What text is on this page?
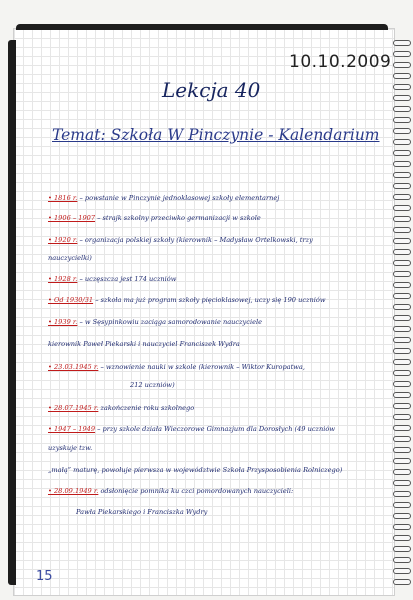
10.10.2009
Lekcja 40
Temat: Szkoła W Pinczynie - Kalendarium
• 1816 r. – powstanie w Pinczynie jednoklasowej szkoły elementarnej
• 1906 – 1907 – strajk szkolny przeciwko germanizacji w szkole
• 1920 r. – organizacja polskiej szkoły (kierownik – Madysław Ortelkowski, trzy
nauczycielki)
• 1928 r. – uczęszcza jest 174 uczniów
• Od 1930/31 – szkoła ma już program szkoły pięcioklasowej, uczy się 190 uczniów
• 1939 r. – w Sęsypinkowiu zaciąga samorodowanie nauczyciele
kierownik Paweł Piekarski i nauczyciel Franciszek Wydra
• 23.03.1945 r. – wznowienie nauki w szkole (kierownik – Wiktor Kuropatwa,
212 uczniów)
• 28.07.1945 r. zakończenie roku szkolnego
• 1947 – 1949 – przy szkole działa Wieczorowe Gimnazjum dla Dorosłych (49 uczniów
uzyskuje tzw.
„małą” maturę, powołuje pierwsza w województwie Szkoła Przysposobienia Rolniczego)
• 28.09.1949 r. odsłonięcie pomnika ku czci pomordowanych nauczycieli:
Pawła Piekarskiego i Franciszka Wydry
15
